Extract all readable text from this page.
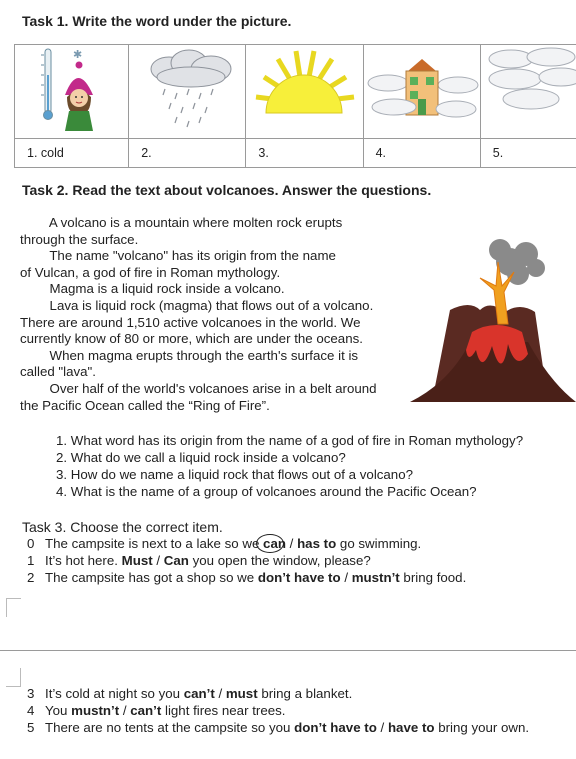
Task 1. Write the word under the picture.
✱

1. cold	2.	3.	4.	5.
Task 2. Read the text about volcanoes. Answer the questions.
A volcano is a mountain where molten rock erupts
through the surface.
The name "volcano" has its origin from the name
of Vulcan, a god of fire in Roman mythology.
Magma is a liquid rock inside a volcano.
Lava is liquid rock (magma) that flows out of a volcano.
There are around 1,510 active volcanoes in the world. We
currently know of 80 or more, which are under the oceans.
When magma erupts through the earth's surface it is
called "lava".
Over half of the world's volcanoes arise in a belt around
the Pacific Ocean called the “Ring of Fire”.
1. What word has its origin from the name of a god of fire in Roman mythology?
2. What do we call a liquid rock inside a volcano?
3. How do we name a liquid rock that flows out of a volcano?
4. What is the name of a group of volcanoes around the Pacific Ocean?
Task 3. Choose the correct item.
0 The campsite is next to a lake so we can / has to go swimming.
1 It’s hot here. Must / Can you open the window, please?
2 The campsite has got a shop so we don’t have to / mustn’t bring food.
3 It’s cold at night so you can’t / must bring a blanket.
4 You mustn’t / can’t light fires near trees.
5 There are no tents at the campsite so you don’t have to / have to bring your own.
